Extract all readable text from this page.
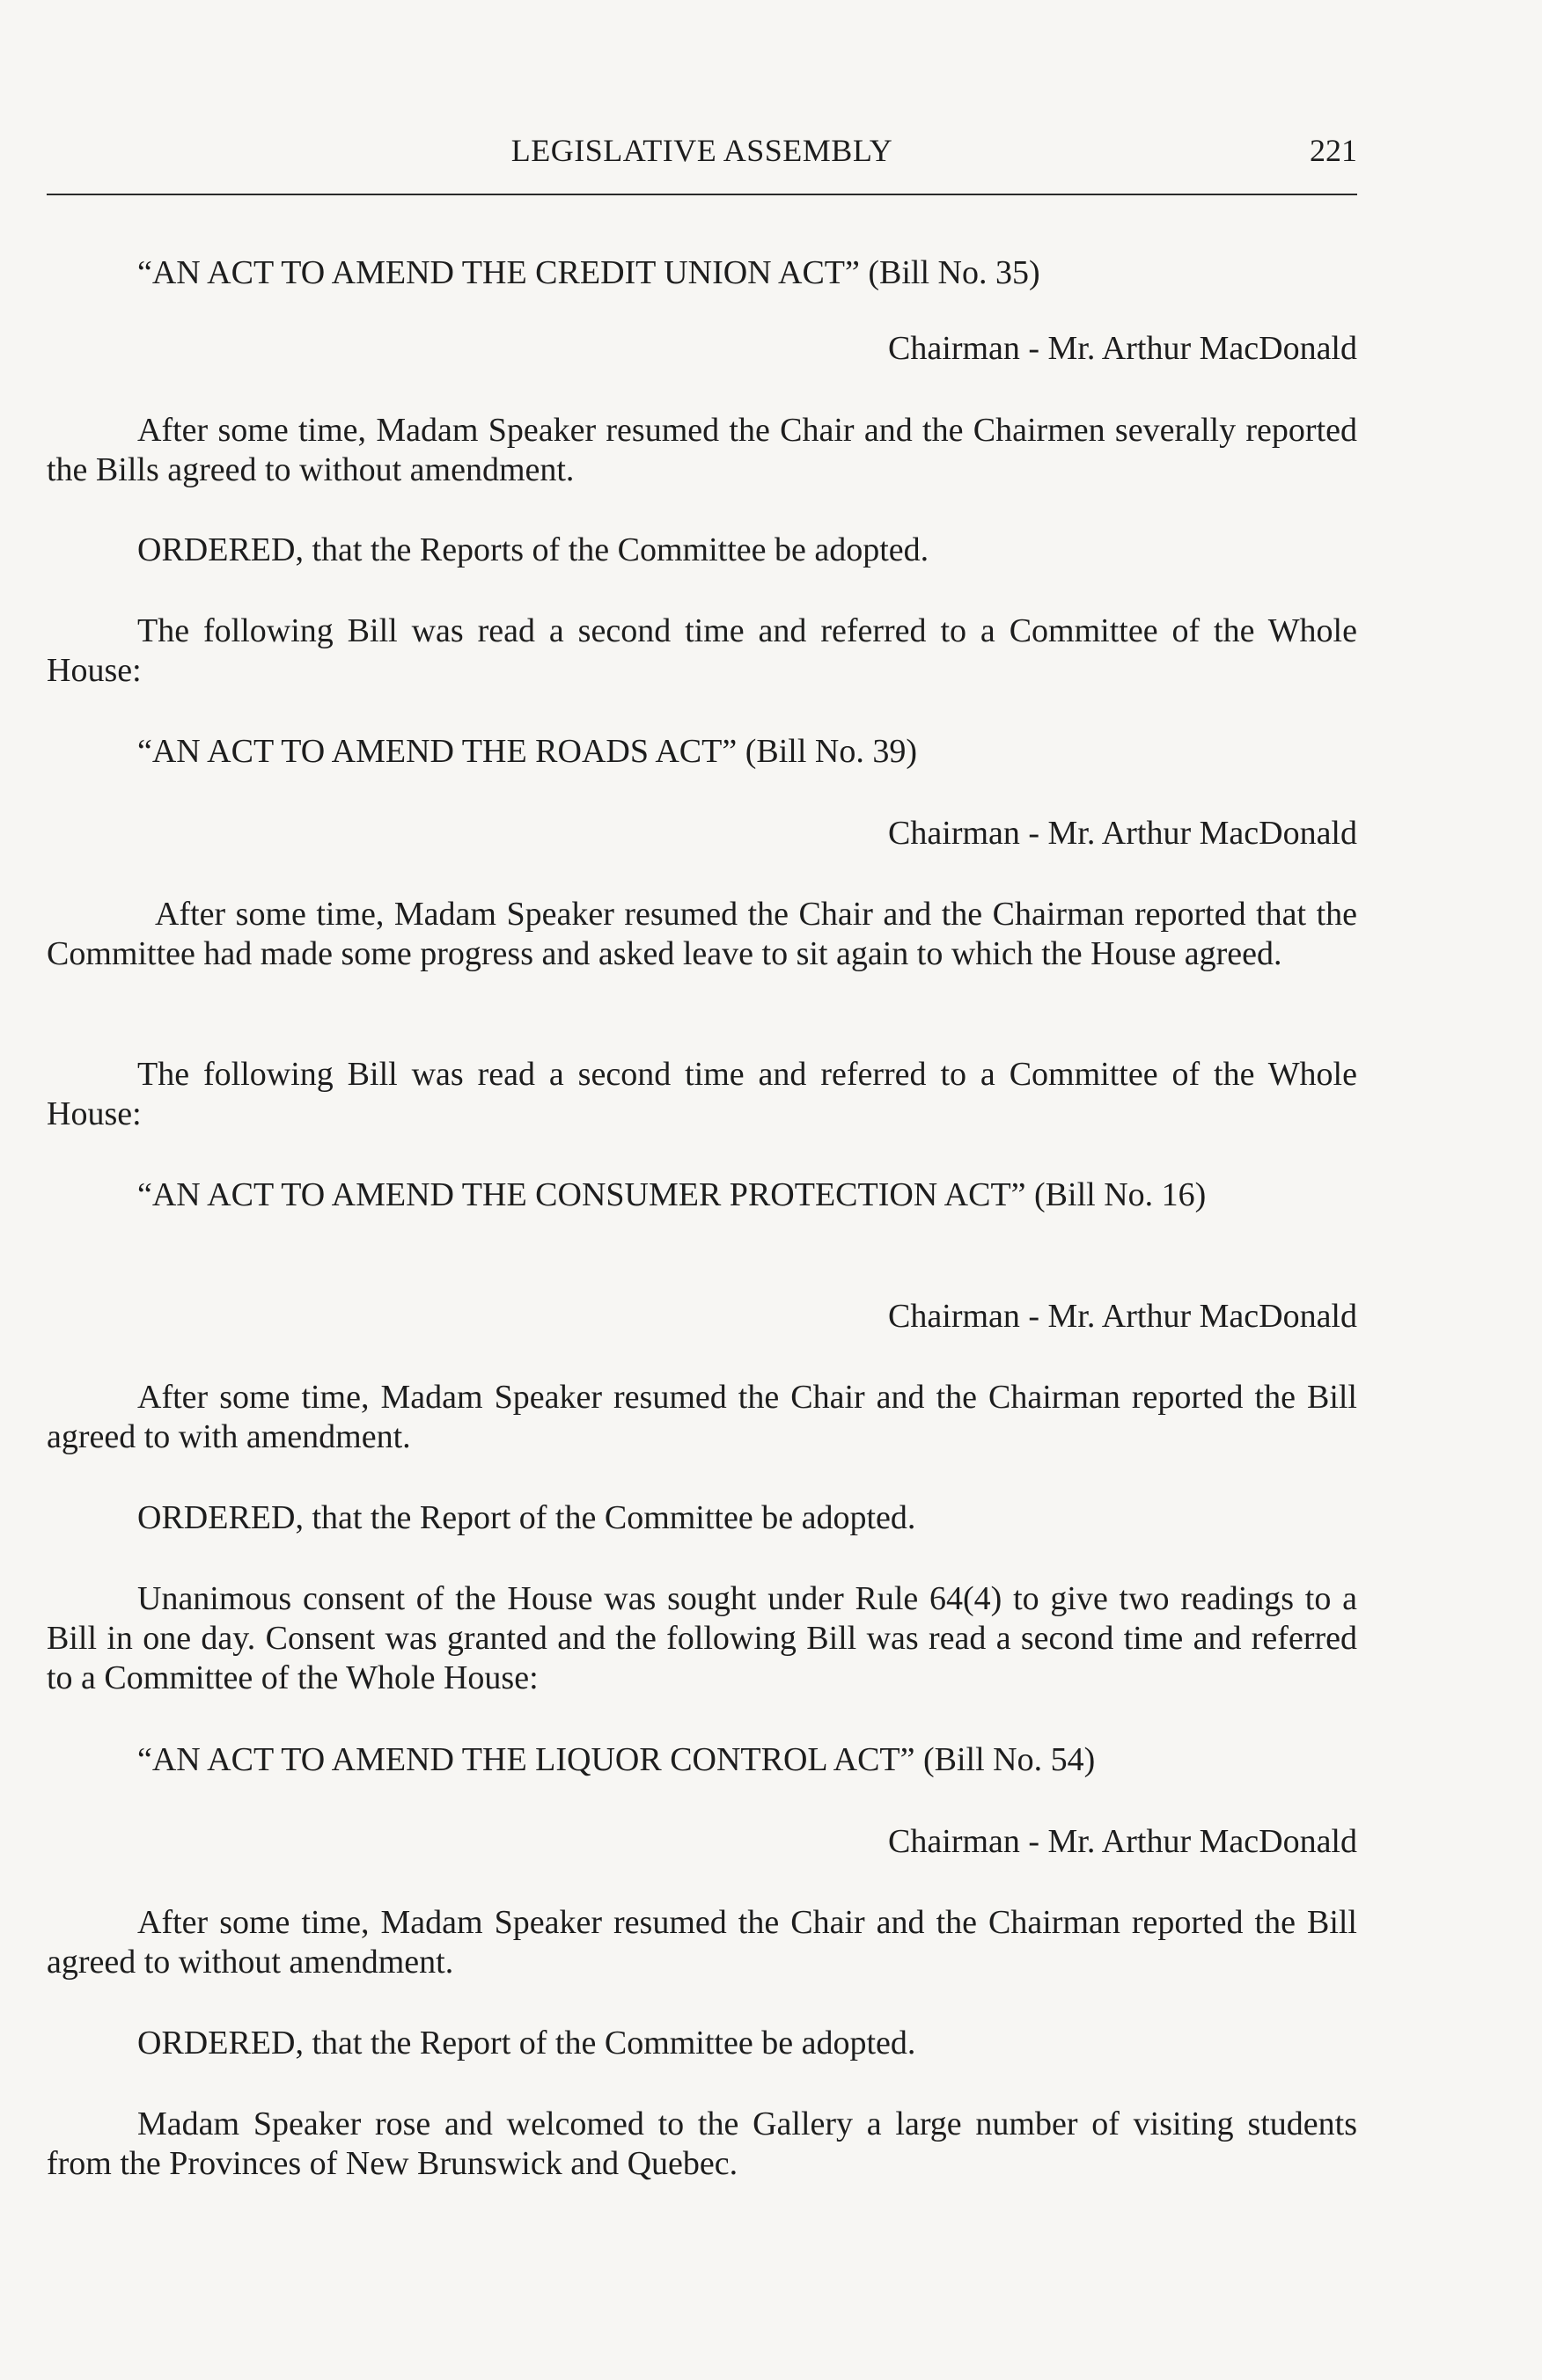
LEGISLATIVE ASSEMBLY	221
“AN ACT TO AMEND THE CREDIT UNION ACT” (Bill No. 35)
Chairman - Mr. Arthur MacDonald
After some time, Madam Speaker resumed the Chair and the Chairmen severally reported the Bills agreed to without amendment.
ORDERED, that the Reports of the Committee be adopted.
The following Bill was read a second time and referred to a Committee of the Whole House:
“AN ACT TO AMEND THE ROADS ACT” (Bill No. 39)
Chairman - Mr. Arthur MacDonald
After some time, Madam Speaker resumed the Chair and the Chairman reported that the Committee had made some progress and asked leave to sit again to which the House agreed.
The following Bill was read a second time and referred to a Committee of the Whole House:
“AN ACT TO AMEND THE CONSUMER PROTECTION ACT” (Bill No. 16)
Chairman - Mr. Arthur MacDonald
After some time, Madam Speaker resumed the Chair and the Chairman reported the Bill agreed to with amendment.
ORDERED, that the Report of the Committee be adopted.
Unanimous consent of the House was sought under Rule 64(4) to give two readings to a Bill in one day. Consent was granted and the following Bill was read a second time and referred to a Committee of the Whole House:
“AN ACT TO AMEND THE LIQUOR CONTROL ACT” (Bill No. 54)
Chairman - Mr. Arthur MacDonald
After some time, Madam Speaker resumed the Chair and the Chairman reported the Bill agreed to without amendment.
ORDERED, that the Report of the Committee be adopted.
Madam Speaker rose and welcomed to the Gallery a large number of visiting students from the Provinces of New Brunswick and Quebec.
